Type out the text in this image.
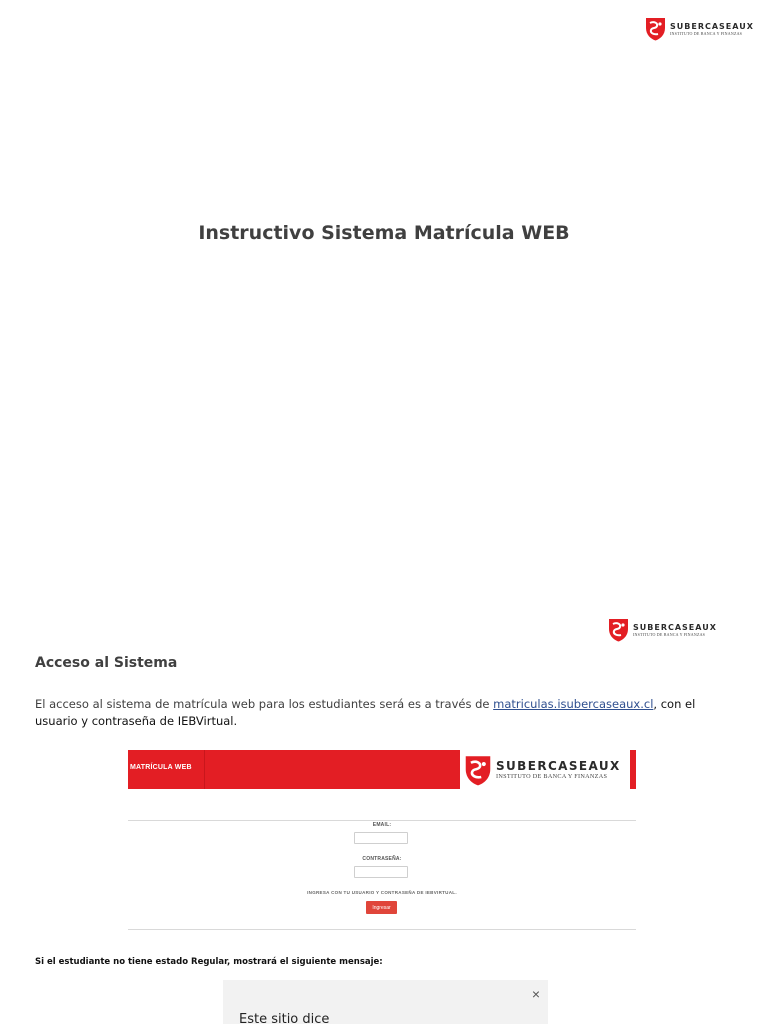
SUBERCASEAUX
INSTITUTO DE BANCA Y FINANZAS
Instructivo Sistema Matrícula WEB
SUBERCASEAUX
INSTITUTO DE BANCA Y FINANZAS
Acceso al Sistema

El acceso al sistema de matrícula web para los estudiantes será es a través de matriculas.isubercaseaux.cl, con el usuario y contraseña de IEBVirtual.

MATRÍCULA WEB	SUBERCASEAUX
INSTITUTO DE BANCA Y FINANZAS
EMAIL:
CONTRASEÑA:
INGRESA CON TU USUARIO Y CONTRASEÑA DE IEBVIRTUAL.
Ingresar

Si el estudiante no tiene estado Regular, mostrará el siguiente mensaje:

×
Este sitio dice
